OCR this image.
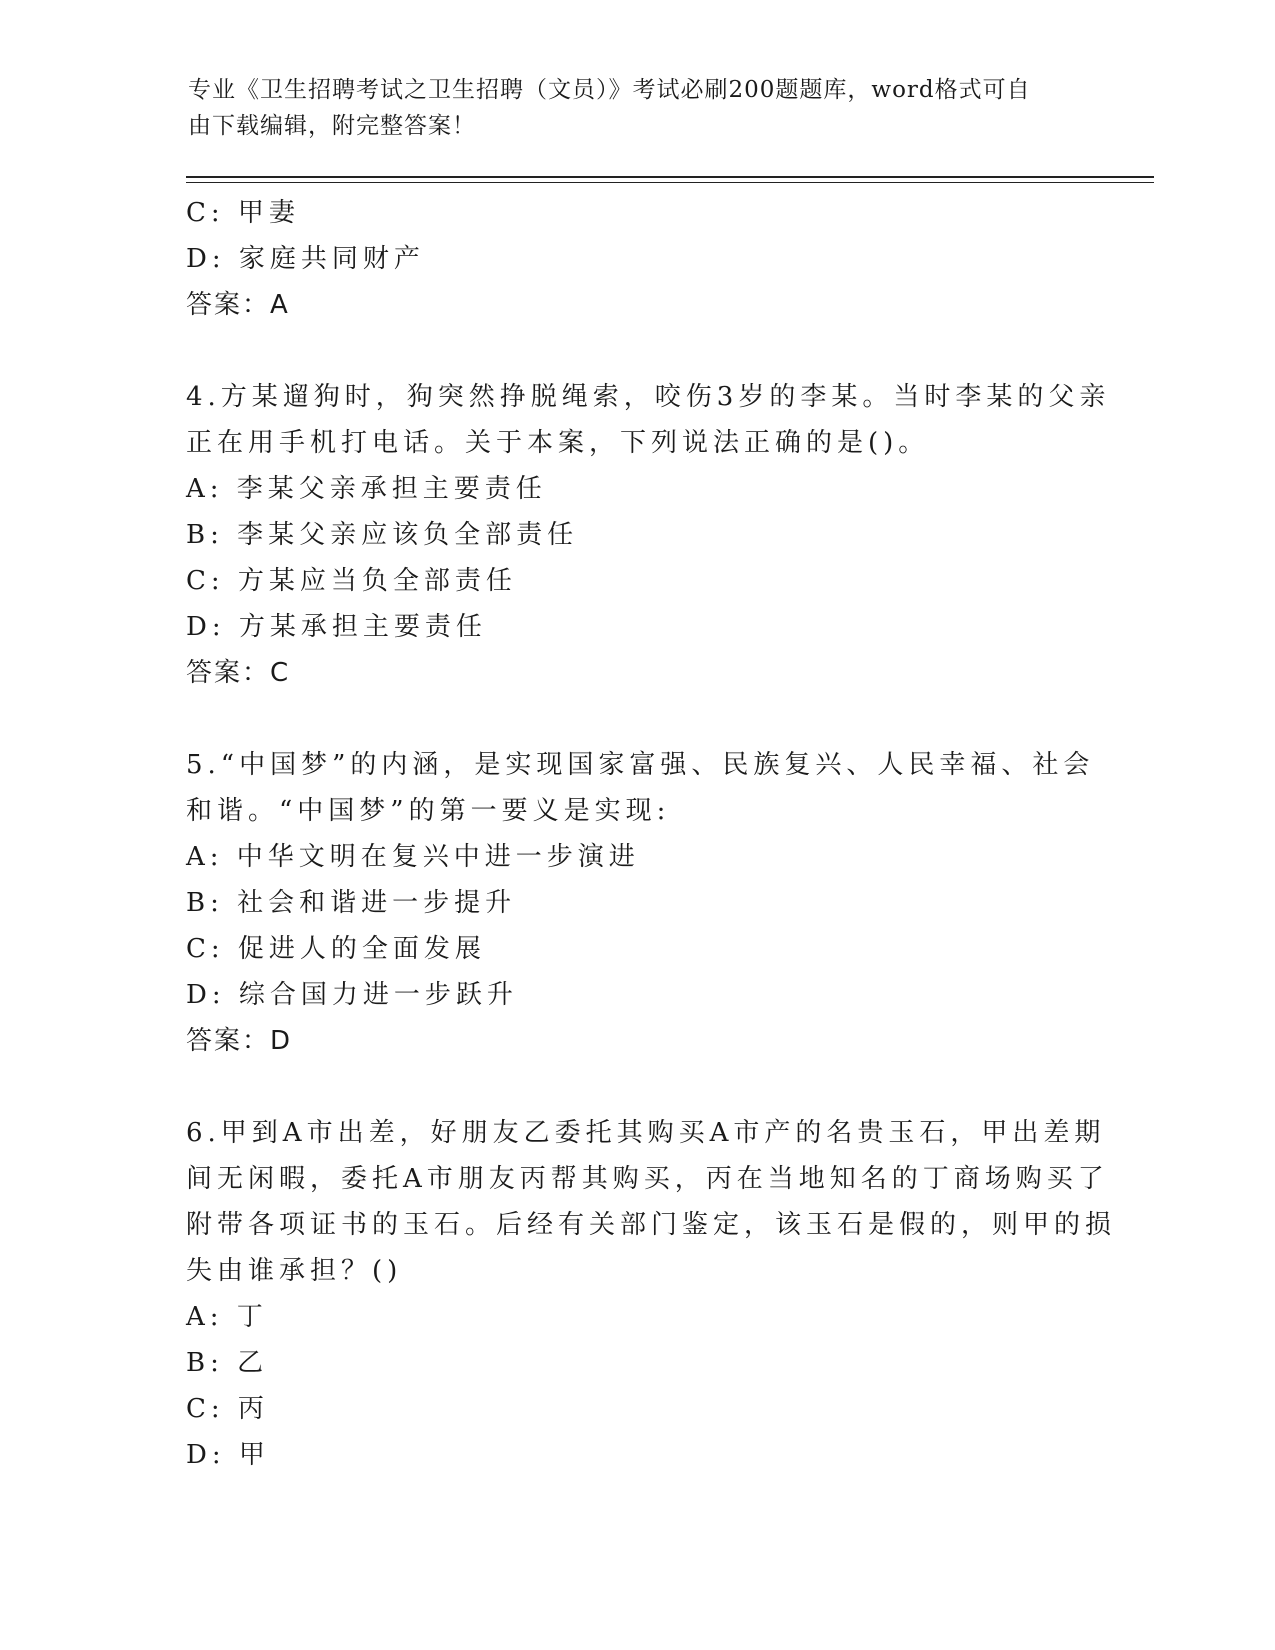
专业《卫生招聘考试之卫生招聘（文员）》考试必刷200题题库，word格式可自
由下载编辑，附完整答案！
C: 甲妻
D: 家庭共同财产
答案：A
4.方某遛狗时，狗突然挣脱绳索，咬伤3岁的李某。当时李某的父亲
正在用手机打电话。关于本案，下列说法正确的是()。
A: 李某父亲承担主要责任
B: 李某父亲应该负全部责任
C: 方某应当负全部责任
D: 方某承担主要责任
答案：C
5.“中国梦”的内涵，是实现国家富强、民族复兴、人民幸福、社会
和谐。“中国梦”的第一要义是实现:
A: 中华文明在复兴中进一步演进
B: 社会和谐进一步提升
C: 促进人的全面发展
D: 综合国力进一步跃升
答案：D
6.甲到A市出差，好朋友乙委托其购买A市产的名贵玉石，甲出差期
间无闲暇，委托A市朋友丙帮其购买，丙在当地知名的丁商场购买了
附带各项证书的玉石。后经有关部门鉴定，该玉石是假的，则甲的损
失由谁承担？()
A: 丁
B: 乙
C: 丙
D: 甲
